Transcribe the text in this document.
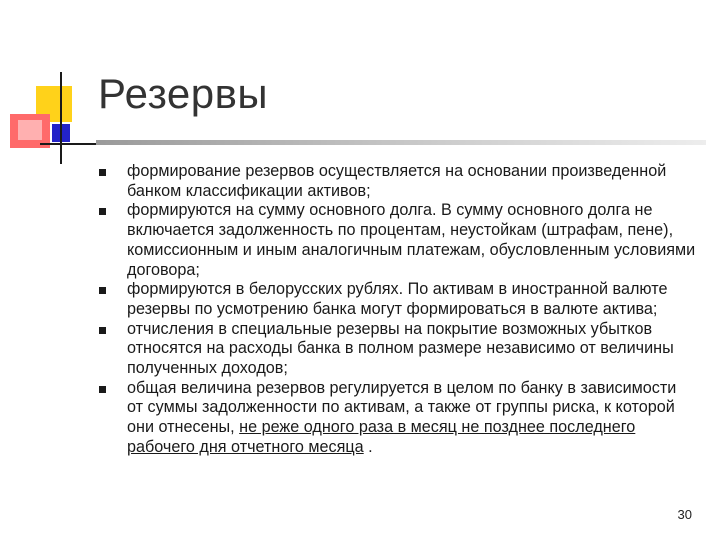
Резервы
формирование резервов осуществляется на основании произведенной банком классификации активов;
формируются на сумму основного долга. В сумму основного долга не включается задолженность по процентам, неустойкам (штрафам, пене), комиссионным и иным аналогичным платежам, обусловленным условиями договора;
формируются в белорусских рублях. По активам в иностранной валюте резервы по усмотрению банка могут формироваться в валюте актива;
отчисления в специальные резервы на покрытие возможных убытков относятся на расходы банка в полном размере независимо от величины полученных доходов;
общая величина резервов регулируется в целом по банку в зависимости от суммы задолженности по активам, а также от группы риска, к которой они отнесены, не реже одного раза в месяц не позднее последнего рабочего дня отчетного месяца .
30
